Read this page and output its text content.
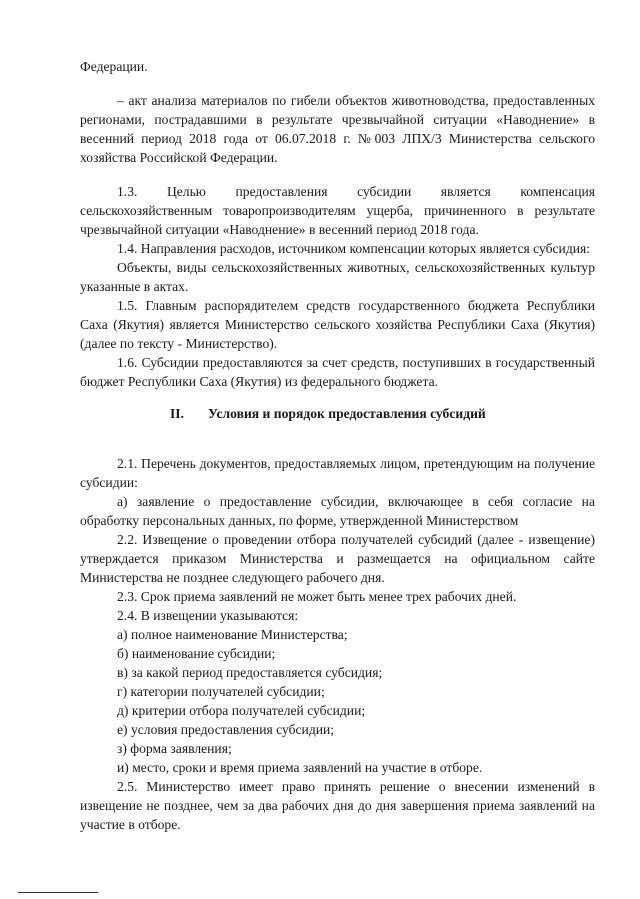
Федерации.

– акт анализа материалов по гибели объектов животноводства, предоставленных регионами, пострадавшими в результате чрезвычайной ситуации «Наводнение» в весенний период 2018 года от 06.07.2018 г. №003 ЛПХ/3 Министерства сельского хозяйства Российской Федерации.

1.3. Целью предоставления субсидии является компенсация сельскохозяйственным товаропроизводителям ущерба, причиненного в результате чрезвычайной ситуации «Наводнение» в весенний период 2018 года.

1.4. Направления расходов, источником компенсации которых является субсидия:

Объекты, виды сельскохозяйственных животных, сельскохозяйственных культур указанные в актах.

1.5. Главным распорядителем средств государственного бюджета Республики Саха (Якутия) является Министерство сельского хозяйства Республики Саха (Якутия) (далее по тексту - Министерство).

1.6. Субсидии предоставляются за счет средств, поступивших в государственный бюджет Республики Саха (Якутия) из федерального бюджета.

II. Условия и порядок предоставления субсидий

2.1. Перечень документов, предоставляемых лицом, претендующим на получение субсидии:

а) заявление о предоставление субсидии, включающее в себя согласие на обработку персональных данных, по форме, утвержденной Министерством

2.2. Извещение о проведении отбора получателей субсидий (далее - извещение) утверждается приказом Министерства и размещается на официальном сайте Министерства не позднее следующего рабочего дня.

2.3. Срок приема заявлений не может быть менее трех рабочих дней.

2.4. В извещении указываются:

а) полное наименование Министерства;

б) наименование субсидии;

в) за какой период предоставляется субсидия;

г) категории получателей субсидии;

д) критерии отбора получателей субсидии;

е) условия предоставления субсидии;

з) форма заявления;

и) место, сроки и время приема заявлений на участие в отборе.

2.5. Министерство имеет право принять решение о внесении изменений в извещение не позднее, чем за два рабочих дня до дня завершения приема заявлений на участие в отборе.
